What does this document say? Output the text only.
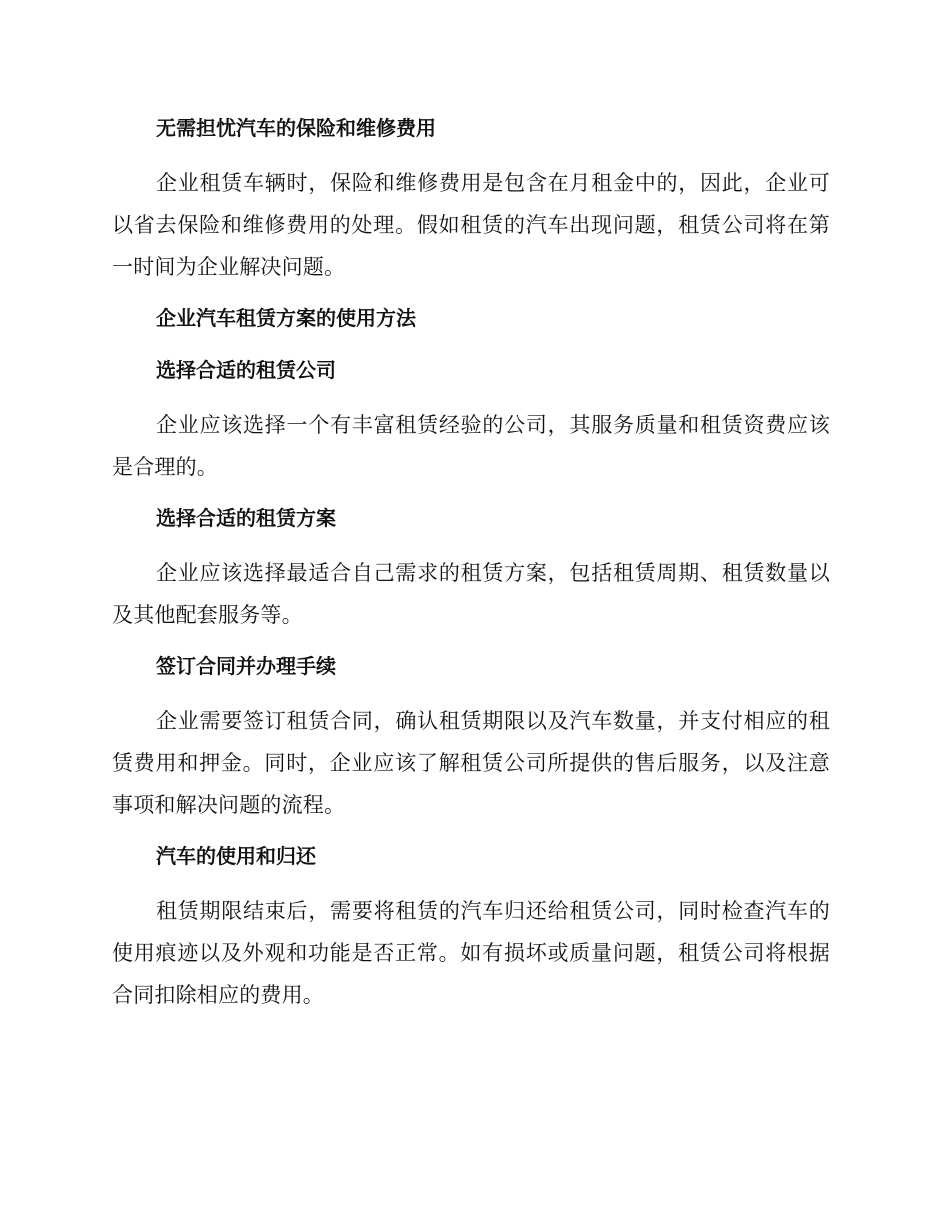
无需担忧汽车的保险和维修费用

企业租赁车辆时，保险和维修费用是包含在月租金中的，因此，企业可以省去保险和维修费用的处理。假如租赁的汽车出现问题，租赁公司将在第一时间为企业解决问题。

企业汽车租赁方案的使用方法
选择合适的租赁公司

企业应该选择一个有丰富租赁经验的公司，其服务质量和租赁资费应该是合理的。

选择合适的租赁方案

企业应该选择最适合自己需求的租赁方案，包括租赁周期、租赁数量以及其他配套服务等。

签订合同并办理手续

企业需要签订租赁合同，确认租赁期限以及汽车数量，并支付相应的租赁费用和押金。同时，企业应该了解租赁公司所提供的售后服务，以及注意事项和解决问题的流程。

汽车的使用和归还

租赁期限结束后，需要将租赁的汽车归还给租赁公司，同时检查汽车的使用痕迹以及外观和功能是否正常。如有损坏或质量问题，租赁公司将根据合同扣除相应的费用。
